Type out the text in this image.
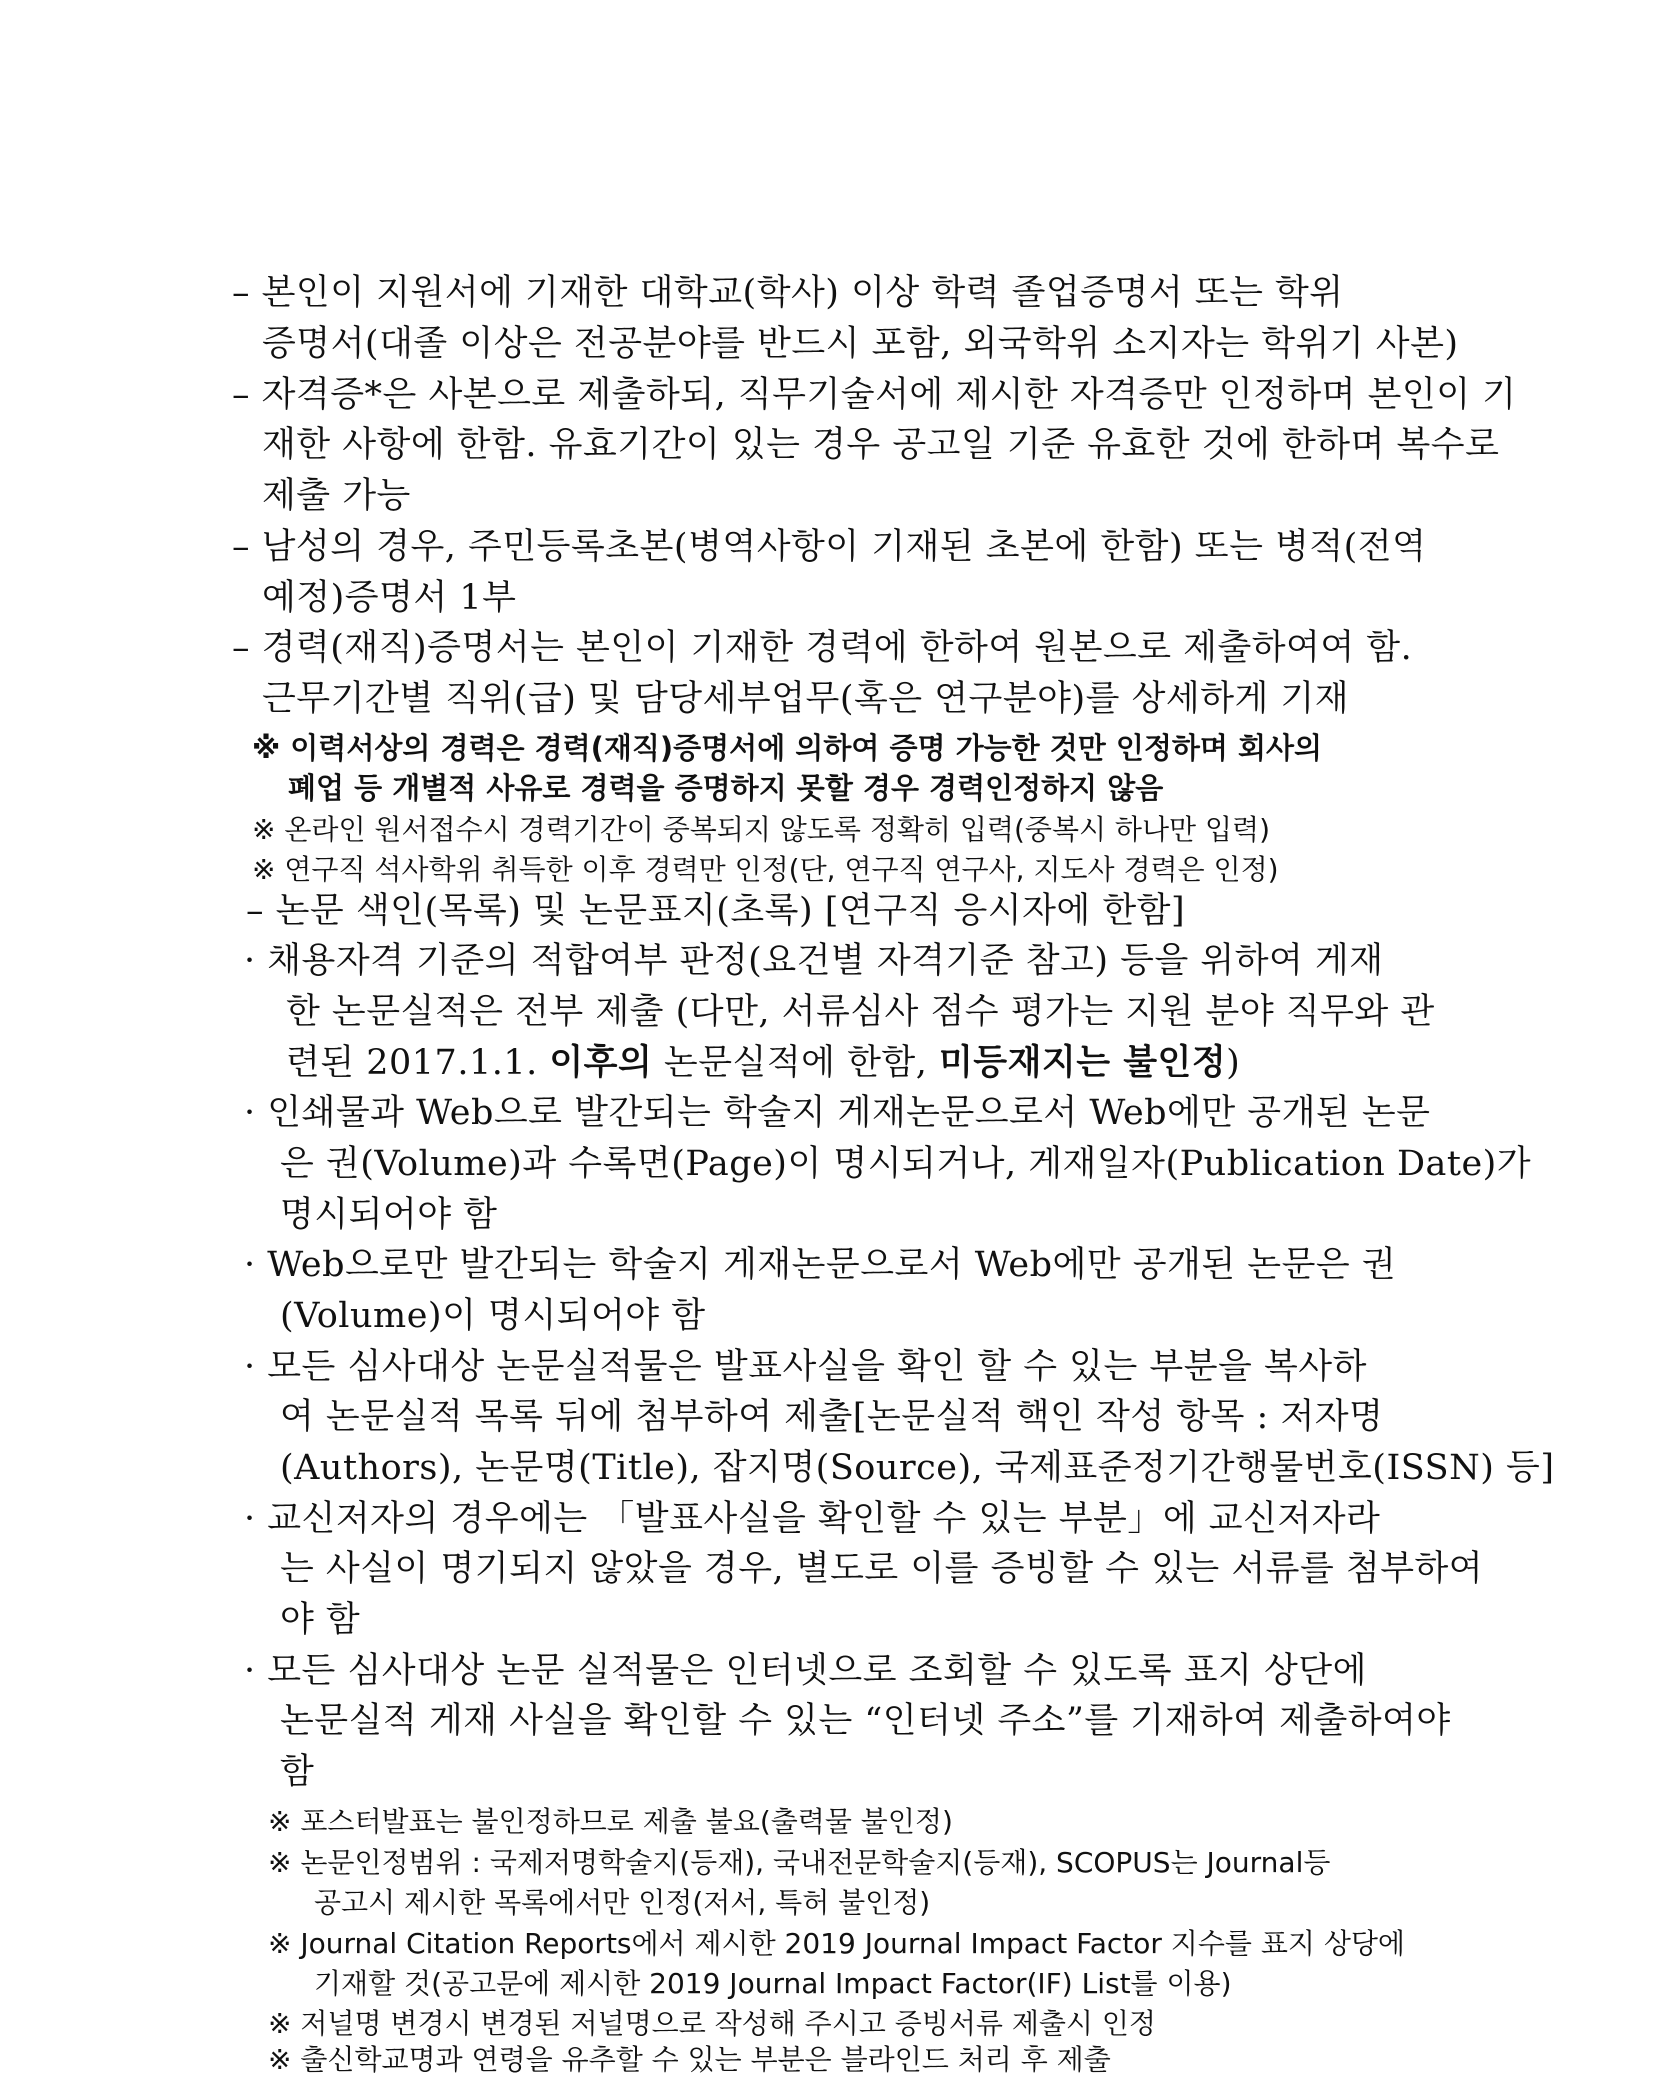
– 본인이 지원서에 기재한 대학교(학사) 이상 학력 졸업증명서 또는 학위
증명서(대졸 이상은 전공분야를 반드시 포함, 외국학위 소지자는 학위기 사본)
– 자격증*은 사본으로 제출하되, 직무기술서에 제시한 자격증만 인정하며 본인이 기
재한 사항에 한함. 유효기간이 있는 경우 공고일 기준 유효한 것에 한하며 복수로
제출 가능
– 남성의 경우, 주민등록초본(병역사항이 기재된 초본에 한함) 또는 병적(전역
예정)증명서 1부
– 경력(재직)증명서는 본인이 기재한 경력에 한하여 원본으로 제출하여여 함.
근무기간별 직위(급) 및 담당세부업무(혹은 연구분야)를 상세하게 기재
※ 이력서상의 경력은 경력(재직)증명서에 의하여 증명 가능한 것만 인정하며 회사의
폐업 등 개별적 사유로 경력을 증명하지 못할 경우 경력인정하지 않음
※ 온라인 원서접수시 경력기간이 중복되지 않도록 정확히 입력(중복시 하나만 입력)
※ 연구직 석사학위 취득한 이후 경력만 인정(단, 연구직 연구사, 지도사 경력은 인정)
– 논문 색인(목록) 및 논문표지(초록) [연구직 응시자에 한함]
· 채용자격 기준의 적합여부 판정(요건별 자격기준 참고) 등을 위하여 게재
한 논문실적은 전부 제출 (다만, 서류심사 점수 평가는 지원 분야 직무와 관
련된 2017.1.1. 이후의 논문실적에 한함, 미등재지는 불인정)
· 인쇄물과 Web으로 발간되는 학술지 게재논문으로서 Web에만 공개된 논문
은 권(Volume)과 수록면(Page)이 명시되거나, 게재일자(Publication Date)가
명시되어야 함
· Web으로만 발간되는 학술지 게재논문으로서 Web에만 공개된 논문은 권
(Volume)이 명시되어야 함
· 모든 심사대상 논문실적물은 발표사실을 확인 할 수 있는 부분을 복사하
여 논문실적 목록 뒤에 첨부하여 제출[논문실적 핵인 작성 항목 : 저자명
(Authors), 논문명(Title), 잡지명(Source), 국제표준정기간행물번호(ISSN) 등]
· 교신저자의 경우에는 「발표사실을 확인할 수 있는 부분」에 교신저자라
는 사실이 명기되지 않았을 경우, 별도로 이를 증빙할 수 있는 서류를 첨부하여
야 함
· 모든 심사대상 논문 실적물은 인터넷으로 조회할 수 있도록 표지 상단에
논문실적 게재 사실을 확인할 수 있는 “인터넷 주소”를 기재하여 제출하여야
함
※ 포스터발표는 불인정하므로 제출 불요(출력물 불인정)
※ 논문인정범위 : 국제저명학술지(등재), 국내전문학술지(등재), SCOPUS는 Journal등
공고시 제시한 목록에서만 인정(저서, 특허 불인정)
※ Journal Citation Reports에서 제시한 2019 Journal Impact Factor 지수를 표지 상당에
기재할 것(공고문에 제시한 2019 Journal Impact Factor(IF) List를 이용)
※ 저널명 변경시 변경된 저널명으로 작성해 주시고 증빙서류 제출시 인정
※ 출신학교명과 연령을 유추할 수 있는 부분은 블라인드 처리 후 제출
